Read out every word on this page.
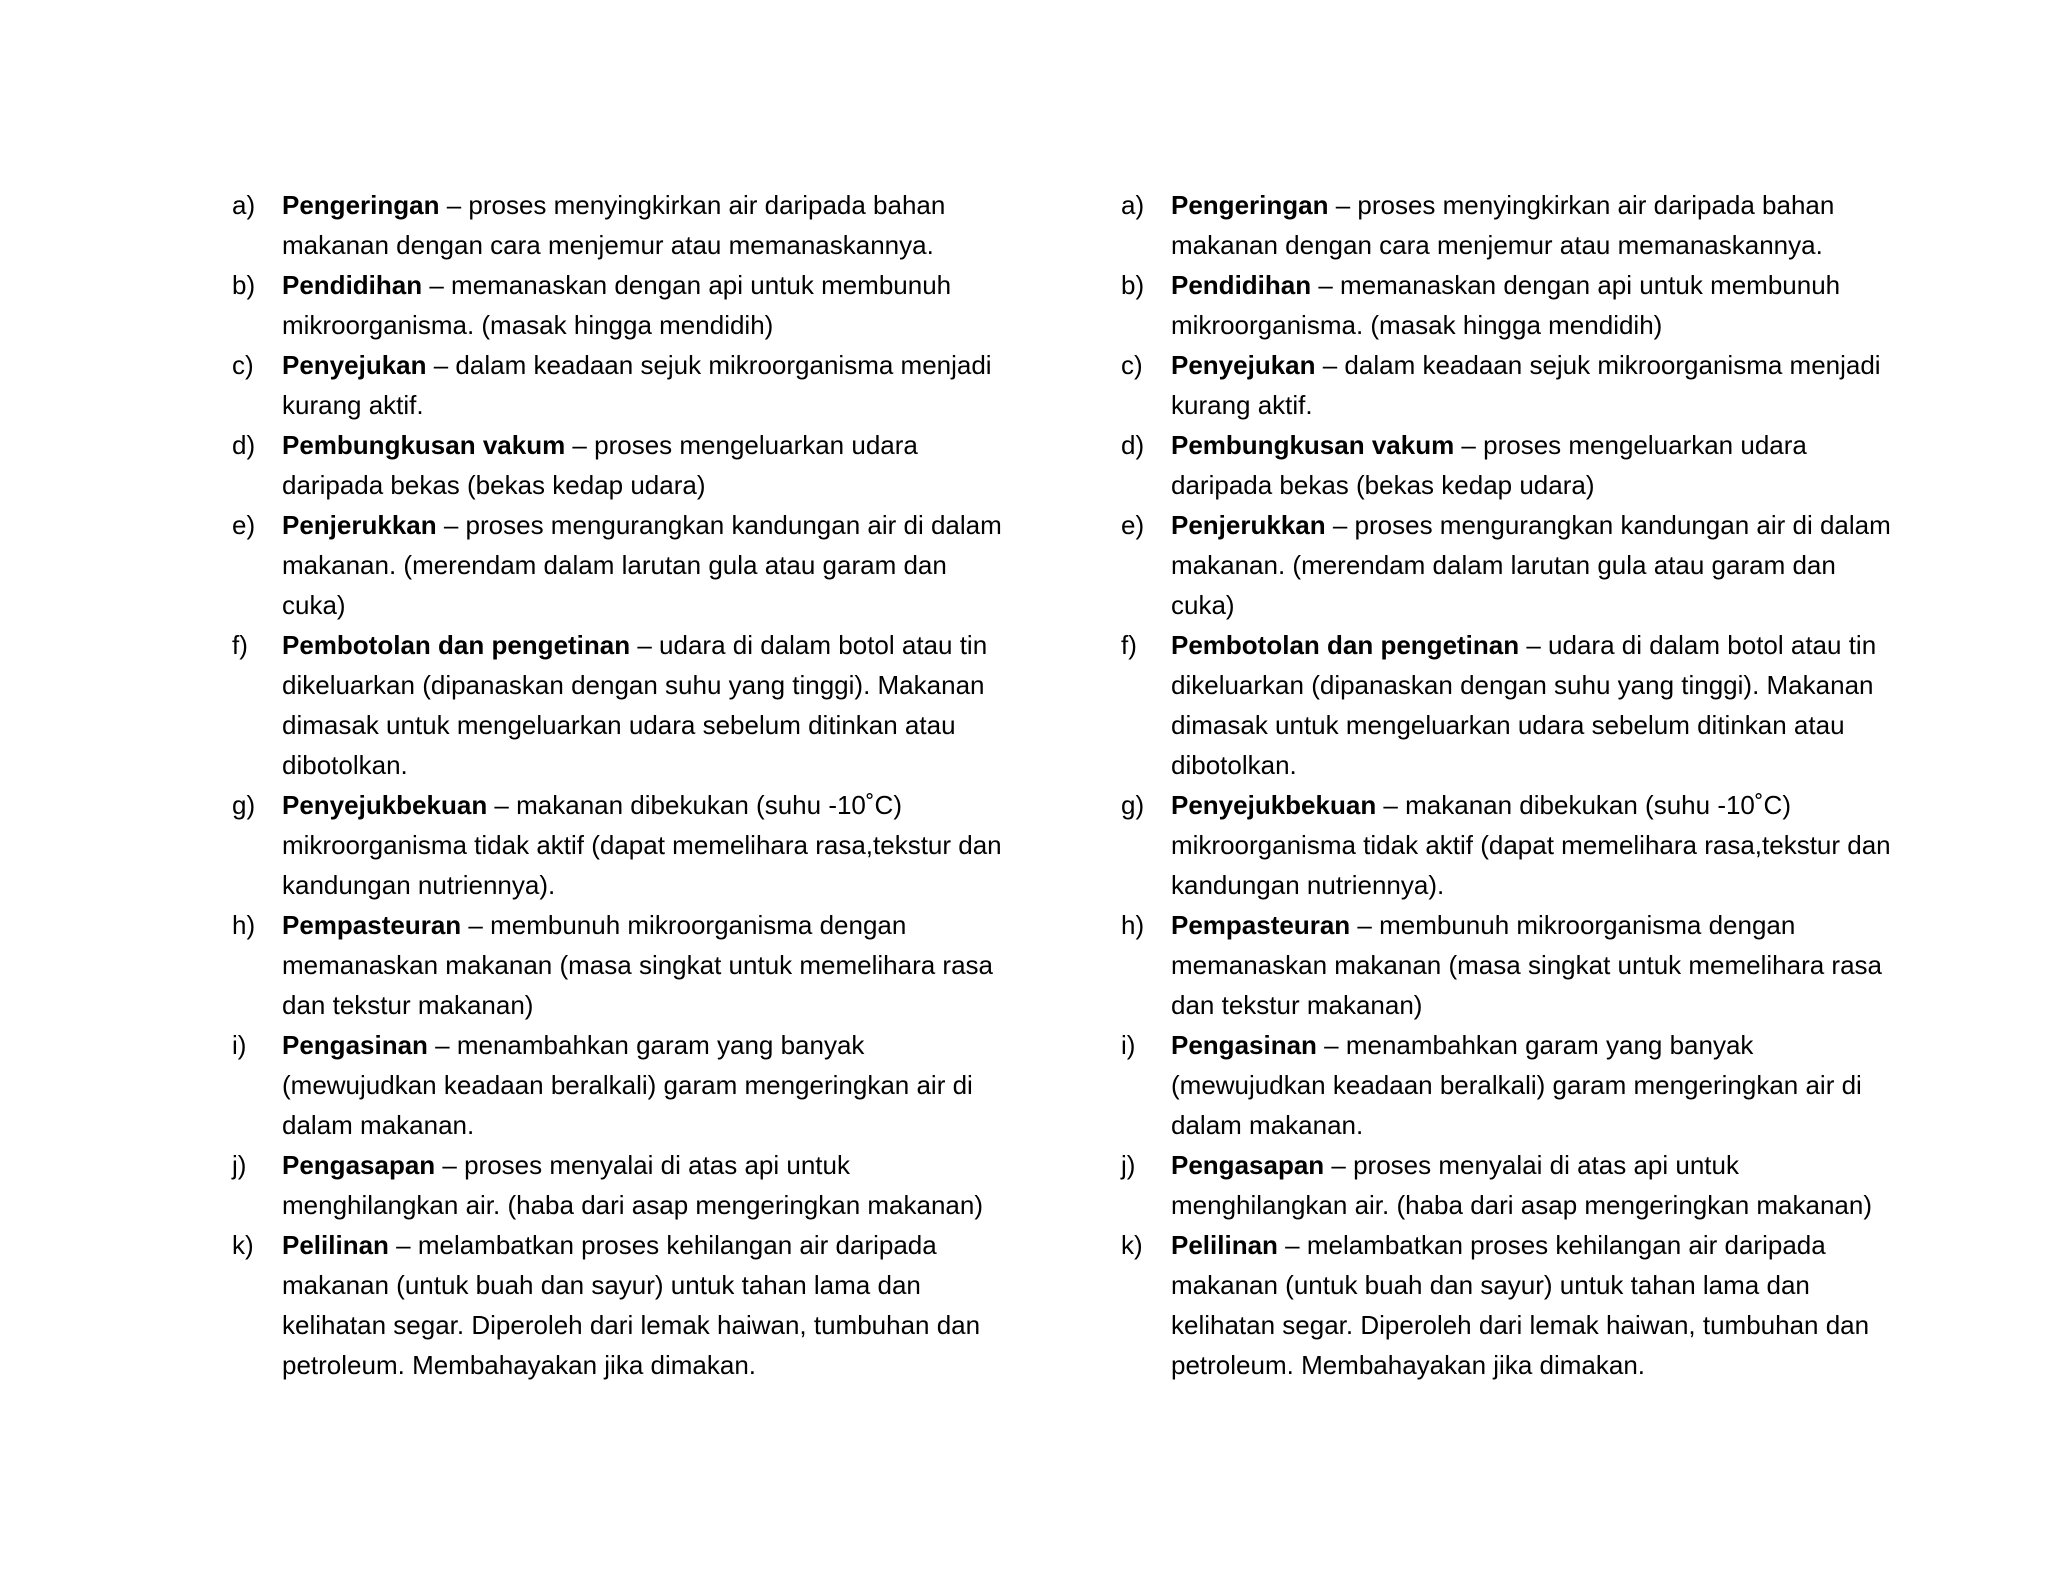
a)	Pengeringan – proses menyingkirkan air daripada bahan makanan dengan cara menjemur atau memanaskannya.
b)	Pendidihan – memanaskan dengan api untuk membunuh mikroorganisma. (masak hingga mendidih)
c)	Penyejukan – dalam keadaan sejuk mikroorganisma menjadi kurang aktif.
d)	Pembungkusan vakum – proses mengeluarkan udara daripada bekas (bekas kedap udara)
e)	Penjerukkan – proses mengurangkan kandungan air di dalam makanan. (merendam dalam larutan gula atau garam dan cuka)
f)	Pembotolan dan pengetinan – udara di dalam botol atau tin dikeluarkan (dipanaskan dengan suhu yang tinggi). Makanan dimasak untuk mengeluarkan udara sebelum ditinkan atau dibotolkan.
g)	Penyejukbekuan – makanan dibekukan (suhu -10˚C) mikroorganisma tidak aktif (dapat memelihara rasa,tekstur dan kandungan nutriennya).
h)	Pempasteuran – membunuh mikroorganisma dengan memanaskan makanan (masa singkat untuk memelihara rasa dan tekstur makanan)
i)	Pengasinan – menambahkan garam yang banyak (mewujudkan keadaan beralkali) garam mengeringkan air di dalam makanan.
j)	Pengasapan – proses menyalai di atas api untuk menghilangkan air. (haba dari asap mengeringkan makanan)
k)	Pelilinan – melambatkan proses kehilangan air daripada makanan (untuk buah dan sayur) untuk tahan lama dan kelihatan segar. Diperoleh dari lemak haiwan, tumbuhan dan petroleum. Membahayakan jika dimakan.
a)	Pengeringan – proses menyingkirkan air daripada bahan makanan dengan cara menjemur atau memanaskannya.
b)	Pendidihan – memanaskan dengan api untuk membunuh mikroorganisma. (masak hingga mendidih)
c)	Penyejukan – dalam keadaan sejuk mikroorganisma menjadi kurang aktif.
d)	Pembungkusan vakum – proses mengeluarkan udara daripada bekas (bekas kedap udara)
e)	Penjerukkan – proses mengurangkan kandungan air di dalam makanan. (merendam dalam larutan gula atau garam dan cuka)
f)	Pembotolan dan pengetinan – udara di dalam botol atau tin dikeluarkan (dipanaskan dengan suhu yang tinggi). Makanan dimasak untuk mengeluarkan udara sebelum ditinkan atau dibotolkan.
g)	Penyejukbekuan – makanan dibekukan (suhu -10˚C) mikroorganisma tidak aktif (dapat memelihara rasa,tekstur dan kandungan nutriennya).
h)	Pempasteuran – membunuh mikroorganisma dengan memanaskan makanan (masa singkat untuk memelihara rasa dan tekstur makanan)
i)	Pengasinan – menambahkan garam yang banyak (mewujudkan keadaan beralkali) garam mengeringkan air di dalam makanan.
j)	Pengasapan – proses menyalai di atas api untuk menghilangkan air. (haba dari asap mengeringkan makanan)
k)	Pelilinan – melambatkan proses kehilangan air daripada makanan (untuk buah dan sayur) untuk tahan lama dan kelihatan segar. Diperoleh dari lemak haiwan, tumbuhan dan petroleum. Membahayakan jika dimakan.
